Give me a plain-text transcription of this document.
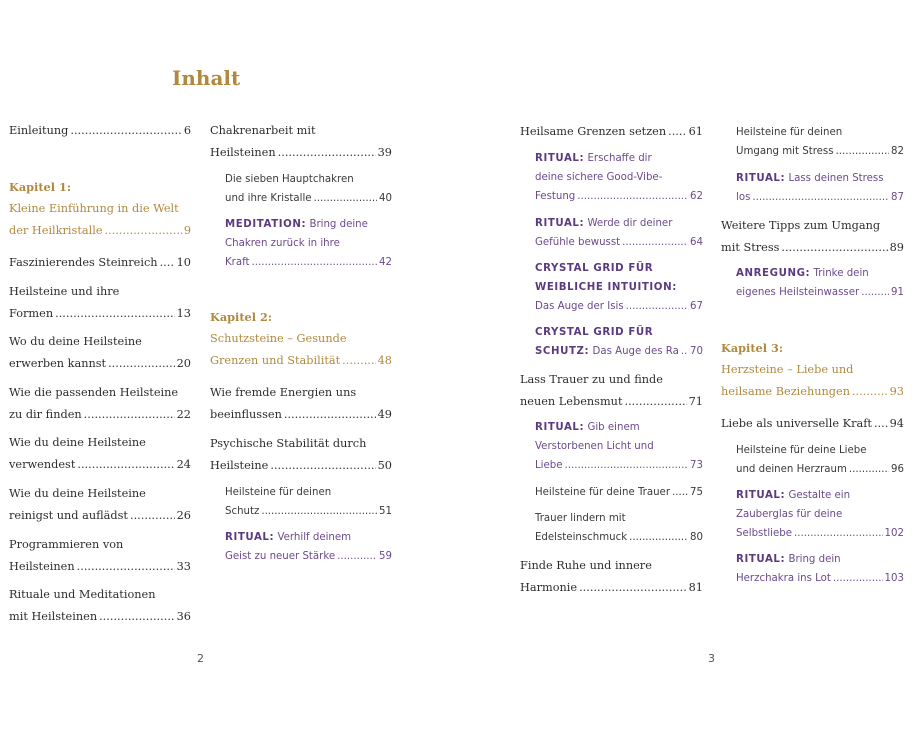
Inhalt
Einleitung .....	6
Kapitel 1:
Kleine Einführung in die Welt
der Heilkristalle .....	9
Faszinierendes Steinreich ..... 10
Heilsteine und ihre
Formen .....	13
Wo du deine Heilsteine
erwerben kannst .....	20
Wie die passenden Heilsteine
zu dir finden .....	22
Wie du deine Heilsteine
verwendest .....	24
Wie du deine Heilsteine
reinigst und auflädst .....	26
Programmieren von
Heilsteinen .....	33
Rituale und Meditationen
mit Heilsteinen .....	36
Chakrenarbeit mit
Heilsteinen .....	39
Die sieben Hauptchakren
und ihre Kristalle .....	40
MEDITATION: Bring deine
Chakren zurück in ihre
Kraft .....	42
Kapitel 2:
Schutzsteine – Gesunde
Grenzen und Stabilität .....	48
Wie fremde Energien uns
beeinflussen .....	49
Psychische Stabilität durch
Heilsteine .....	50
Heilsteine für deinen
Schutz .....	51
RITUAL: Verhilf deinem
Geist zu neuer Stärke .....	59
Heilsame Grenzen setzen ..... 61
RITUAL: Erschaffe dir
deine sichere Good-Vibe-
Festung .....	62
RITUAL: Werde dir deiner
Gefühle bewusst .....	64
CRYSTAL GRID FÜR
WEIBLICHE INTUITION:
Das Auge der Isis .....	67
CRYSTAL GRID FÜR
SCHUTZ: Das Auge des Ra ..... 70
Lass Trauer zu und finde
neuen Lebensmut .....	71
RITUAL: Gib einem
Verstorbenen Licht und
Liebe .....	73
Heilsteine für deine Trauer ..... 75
Trauer lindern mit
Edelsteinschmuck .....	80
Finde Ruhe und innere
Harmonie .....	81
Heilsteine für deinen
Umgang mit Stress .....	82
RITUAL: Lass deinen Stress
los .....	87
Weitere Tipps zum Umgang
mit Stress .....	89
ANREGUNG: Trinke dein
eigenes Heilsteinwasser .....	91
Kapitel 3:
Herzsteine – Liebe und
heilsame Beziehungen .....	93
Liebe als universelle Kraft ..... 94
Heilsteine für deine Liebe
und deinen Herzraum .....	96
RITUAL: Gestalte ein
Zauberglas für deine
Selbstliebe .....	102
RITUAL: Bring dein
Herzchakra ins Lot .....	103
2	3
